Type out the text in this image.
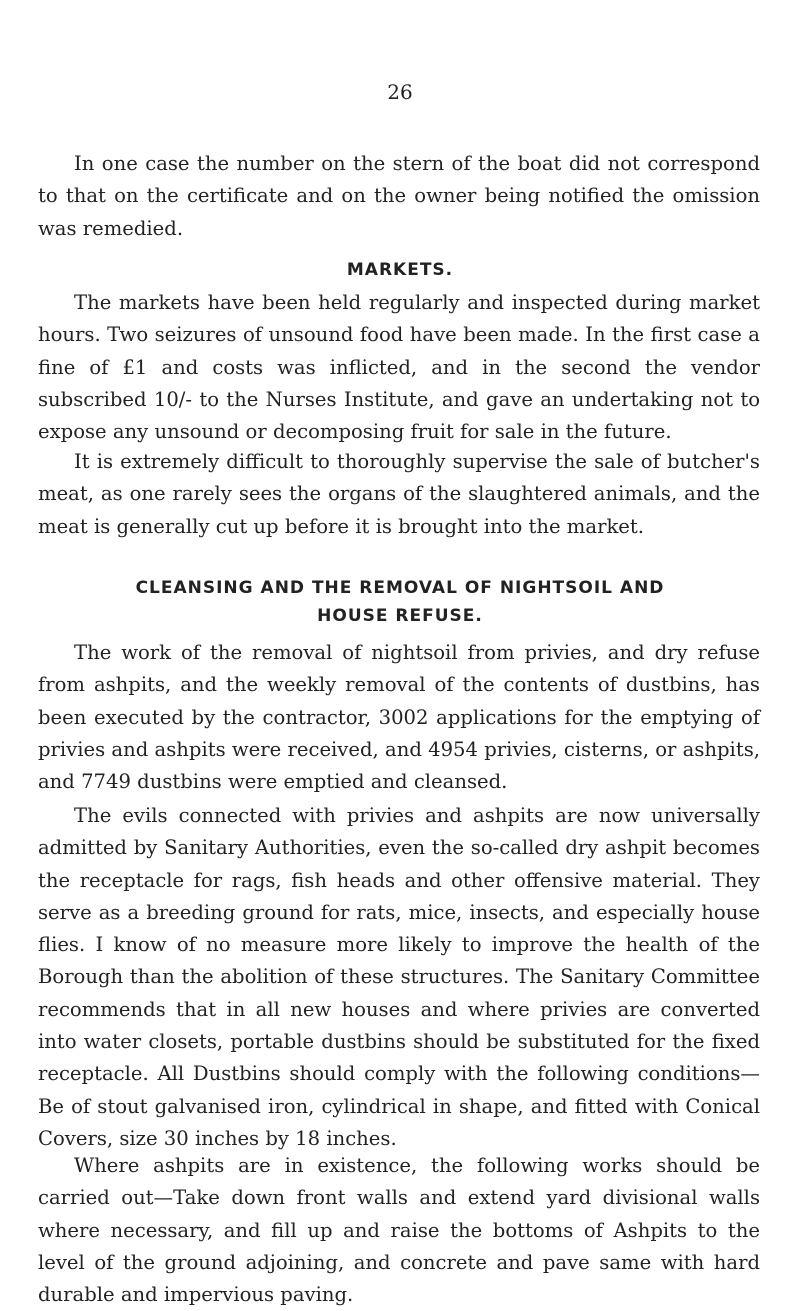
26

In one case the number on the stern of the boat did not correspond to that on the certificate and on the owner being notified the omission was remedied.

MARKETS.

The markets have been held regularly and inspected during market hours. Two seizures of unsound food have been made. In the first case a fine of £1 and costs was inflicted, and in the second the vendor subscribed 10/- to the Nurses Institute, and gave an undertaking not to expose any unsound or decomposing fruit for sale in the future.

It is extremely difficult to thoroughly supervise the sale of butcher's meat, as one rarely sees the organs of the slaughtered animals, and the meat is generally cut up before it is brought into the market.

CLEANSING AND THE REMOVAL OF NIGHTSOIL AND
HOUSE REFUSE.

The work of the removal of nightsoil from privies, and dry refuse from ashpits, and the weekly removal of the contents of dustbins, has been executed by the contractor, 3002 applications for the emptying of privies and ashpits were received, and 4954 privies, cisterns, or ashpits, and 7749 dustbins were emptied and cleansed.

The evils connected with privies and ashpits are now universally admitted by Sanitary Authorities, even the so-called dry ashpit becomes the receptacle for rags, fish heads and other offensive material. They serve as a breeding ground for rats, mice, insects, and especially house flies. I know of no measure more likely to improve the health of the Borough than the abolition of these structures. The Sanitary Committee recommends that in all new houses and where privies are converted into water closets, portable dustbins should be substituted for the fixed receptacle. All Dustbins should comply with the following conditions—Be of stout galvanised iron, cylindrical in shape, and fitted with Conical Covers, size 30 inches by 18 inches.

Where ashpits are in existence, the following works should be carried out—Take down front walls and extend yard divisional walls where necessary, and fill up and raise the bottoms of Ashpits to the level of the ground adjoining, and concrete and pave same with hard durable and impervious paving.
